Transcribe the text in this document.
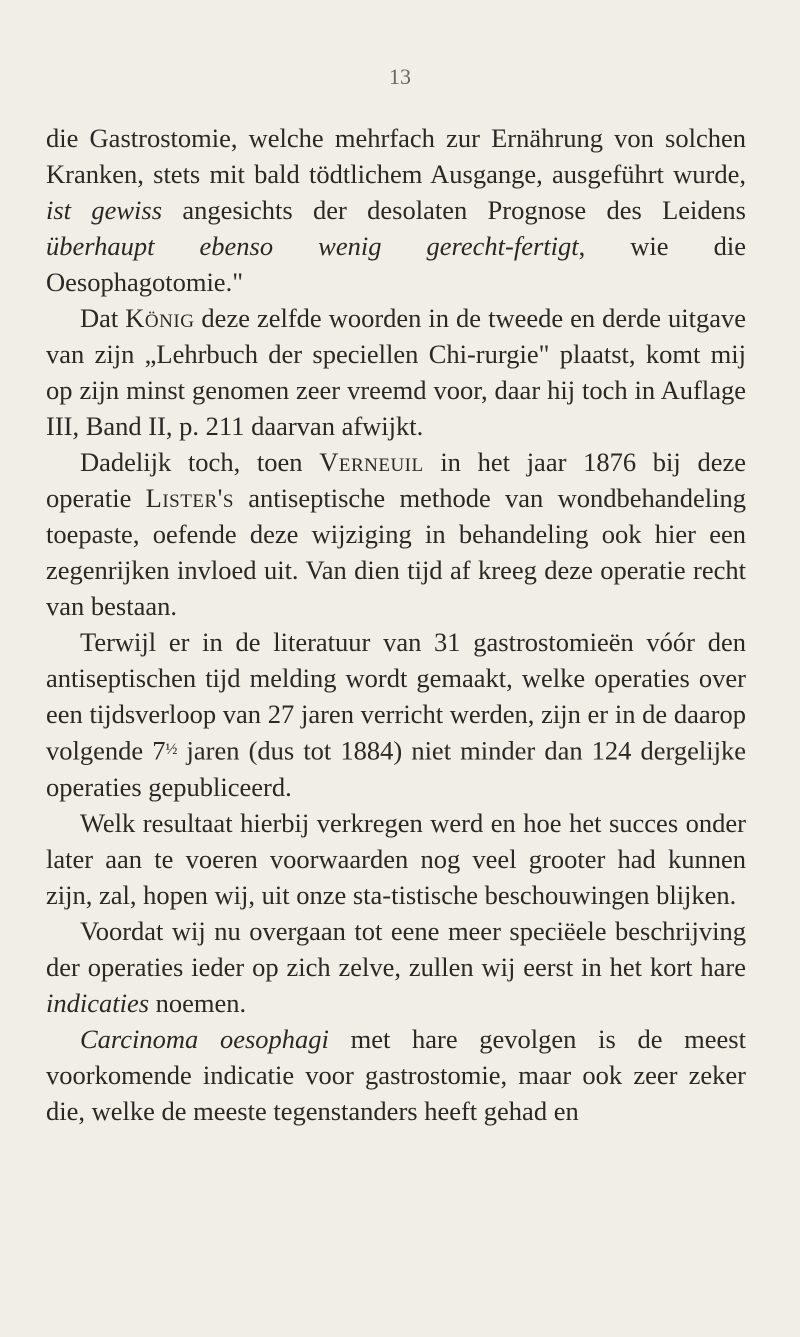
13

die Gastrostomie, welche mehrfach zur Ernährung von solchen Kranken, stets mit bald tödtlichem Ausgange, ausgeführt wurde, ist gewiss angesichts der desolaten Prognose des Leidens überhaupt ebenso wenig gerecht-fertigt, wie die Oesophagotomie."

Dat König deze zelfde woorden in de tweede en derde uitgave van zijn „Lehrbuch der speciellen Chi-rurgie" plaatst, komt mij op zijn minst genomen zeer vreemd voor, daar hij toch in Auflage III, Band II, p. 211 daarvan afwijkt.

Dadelijk toch, toen Verneuil in het jaar 1876 bij deze operatie Lister's antiseptische methode van wondbehandeling toepaste, oefende deze wijziging in behandeling ook hier een zegenrijken invloed uit. Van dien tijd af kreeg deze operatie recht van bestaan.

Terwijl er in de literatuur van 31 gastrostomieën vóór den antiseptischen tijd melding wordt gemaakt, welke operaties over een tijdsverloop van 27 jaren verricht werden, zijn er in de daarop volgende $7^{\frac{1}{2}}$ jaren (dus tot 1884) niet minder dan 124 dergelijke operaties gepubliceerd.

Welk resultaat hierbij verkregen werd en hoe het succes onder later aan te voeren voorwaarden nog veel grooter had kunnen zijn, zal, hopen wij, uit onze sta-tistische beschouwingen blijken.

Voordat wij nu overgaan tot eene meer speciëele beschrijving der operaties ieder op zich zelve, zullen wij eerst in het kort hare indicaties noemen.

Carcinoma oesophagi met hare gevolgen is de meest voorkomende indicatie voor gastrostomie, maar ook zeer zeker die, welke de meeste tegenstanders heeft gehad en
